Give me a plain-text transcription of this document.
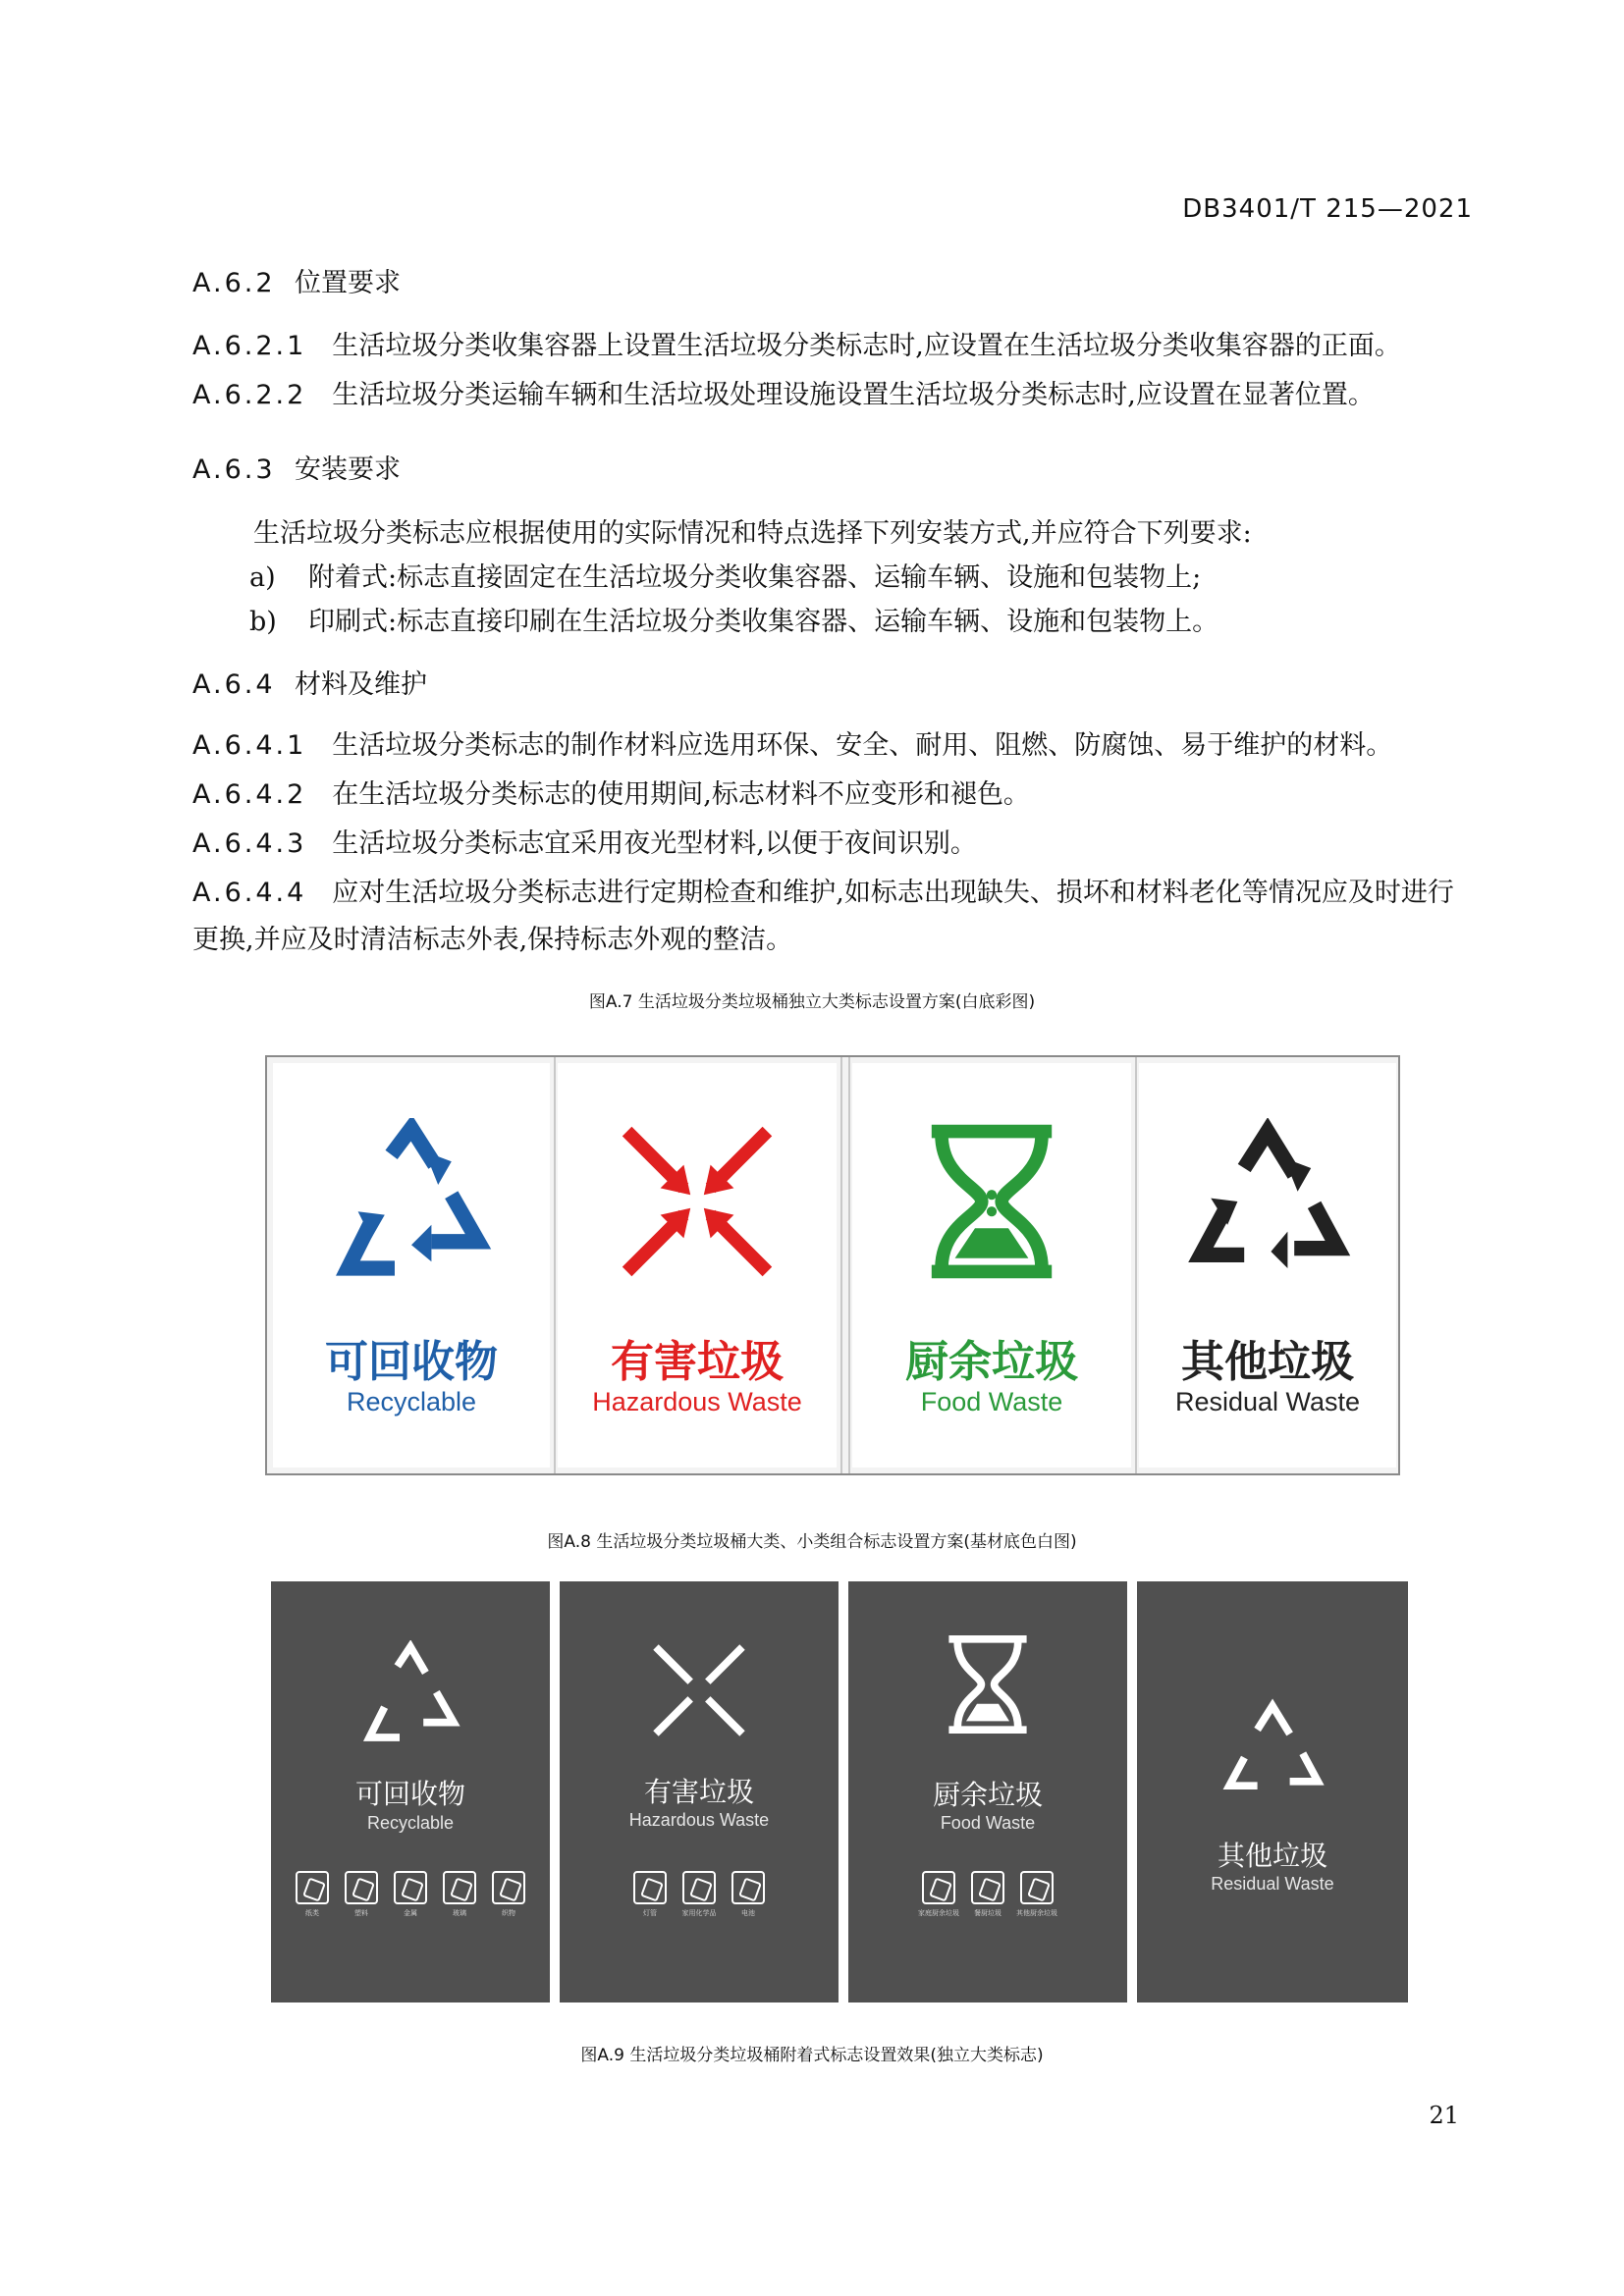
DB3401/T 215—2021
A.6.2 位置要求
A.6.2.1 生活垃圾分类收集容器上设置生活垃圾分类标志时,应设置在生活垃圾分类收集容器的正面。
A.6.2.2 生活垃圾分类运输车辆和生活垃圾处理设施设置生活垃圾分类标志时,应设置在显著位置。
A.6.3 安装要求
生活垃圾分类标志应根据使用的实际情况和特点选择下列安装方式,并应符合下列要求:
a) 附着式:标志直接固定在生活垃圾分类收集容器、运输车辆、设施和包装物上;
b) 印刷式:标志直接印刷在生活垃圾分类收集容器、运输车辆、设施和包装物上。
A.6.4 材料及维护
A.6.4.1 生活垃圾分类标志的制作材料应选用环保、安全、耐用、阻燃、防腐蚀、易于维护的材料。
A.6.4.2 在生活垃圾分类标志的使用期间,标志材料不应变形和褪色。
A.6.4.3 生活垃圾分类标志宜采用夜光型材料,以便于夜间识别。
A.6.4.4 应对生活垃圾分类标志进行定期检查和维护,如标志出现缺失、损坏和材料老化等情况应及时进行更换,并应及时清洁标志外表,保持标志外观的整洁。
图A.7 生活垃圾分类垃圾桶独立大类标志设置方案(白底彩图)
可回收物
Recyclable
有害垃圾
Hazardous Waste
厨余垃圾
Food Waste
其他垃圾
Residual Waste
图A.8 生活垃圾分类垃圾桶大类、小类组合标志设置方案(基材底色白图)
可回收物
Recyclable
纸类	塑料	金属	玻璃	织物
有害垃圾
Hazardous Waste
灯管	家用化学品	电池
厨余垃圾
Food Waste
家庭厨余垃圾	餐厨垃圾	其他厨余垃圾
其他垃圾
Residual Waste
图A.9 生活垃圾分类垃圾桶附着式标志设置效果(独立大类标志)
21
